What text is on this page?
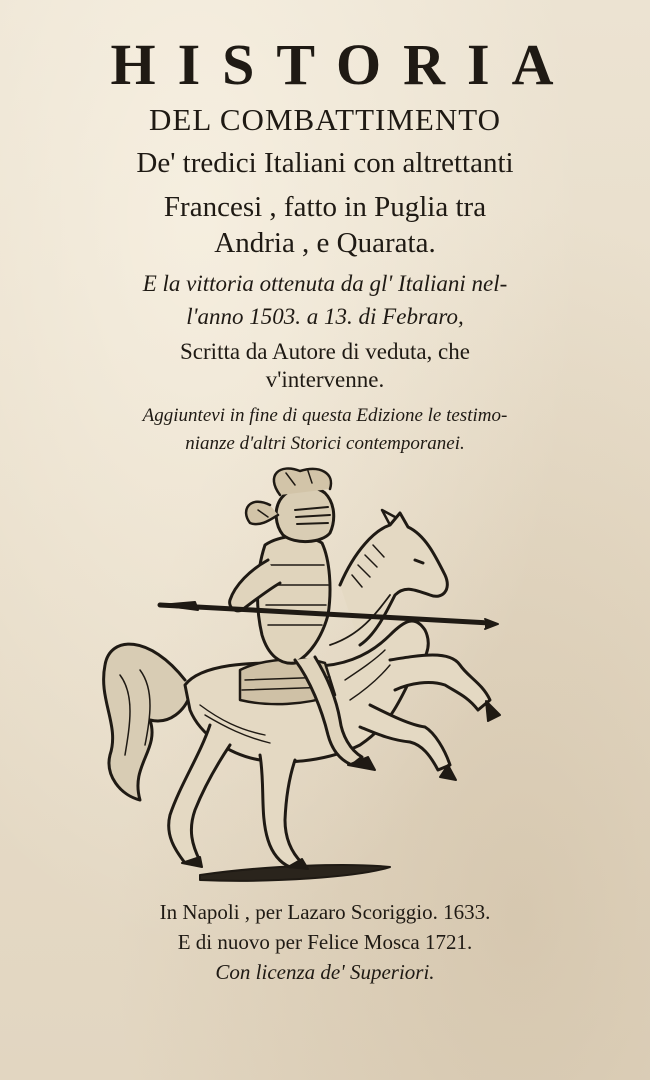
HISTORIA
DEL COMBATTIMENTO
De' tredici Italiani con altrettanti
Francesi , fatto in Puglia tra
Andria , e Quarata.
E la vittoria ottenuta da gl' Italiani nel-
l'anno 1503. a 13. di Febraro,
Scritta da Autore di veduta, che
v'intervenne.
Aggiuntevi in fine di questa Edizione le testimo-
nianze d'altri Storici contemporanei.
In Napoli , per Lazaro Scoriggio. 1633.
E di nuovo per Felice Mosca 1721.
Con licenza de' Superiori.
